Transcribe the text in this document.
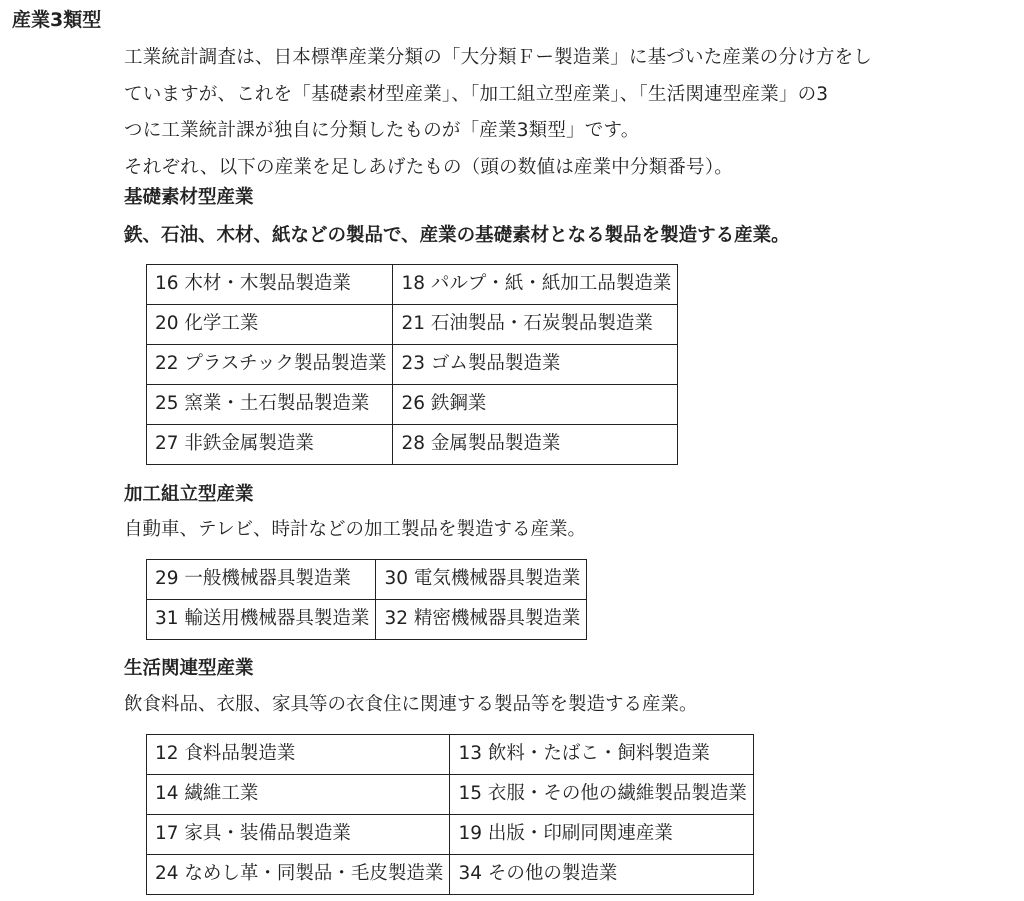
産業3類型

工業統計調査は、日本標準産業分類の「大分類Ｆー製造業」に基づいた産業の分け方をし

ていますが、これを「基礎素材型産業」、「加工組立型産業」、「生活関連型産業」の3

つに工業統計課が独自に分類したものが「産業3類型」です。

それぞれ、以下の産業を足しあげたもの（頭の数値は産業中分類番号）。

基礎素材型産業
鉄、石油、木材、紙などの製品で、産業の基礎素材となる製品を製造する産業。
16 木材・木製品製造業	18 パルプ・紙・紙加工品製造業
20 化学工業	21 石油製品・石炭製品製造業
22 プラスチック製品製造業	23 ゴム製品製造業
25 窯業・土石製品製造業	26 鉄鋼業
27 非鉄金属製造業	28 金属製品製造業
加工組立型産業
自動車、テレビ、時計などの加工製品を製造する産業。
29 一般機械器具製造業	30 電気機械器具製造業
31 輸送用機械器具製造業	32 精密機械器具製造業
生活関連型産業
飲食料品、衣服、家具等の衣食住に関連する製品等を製造する産業。
12 食料品製造業	13 飲料・たばこ・飼料製造業
14 繊維工業	15 衣服・その他の繊維製品製造業
17 家具・装備品製造業	19 出版・印刷同関連産業
24 なめし革・同製品・毛皮製造業	34 その他の製造業
